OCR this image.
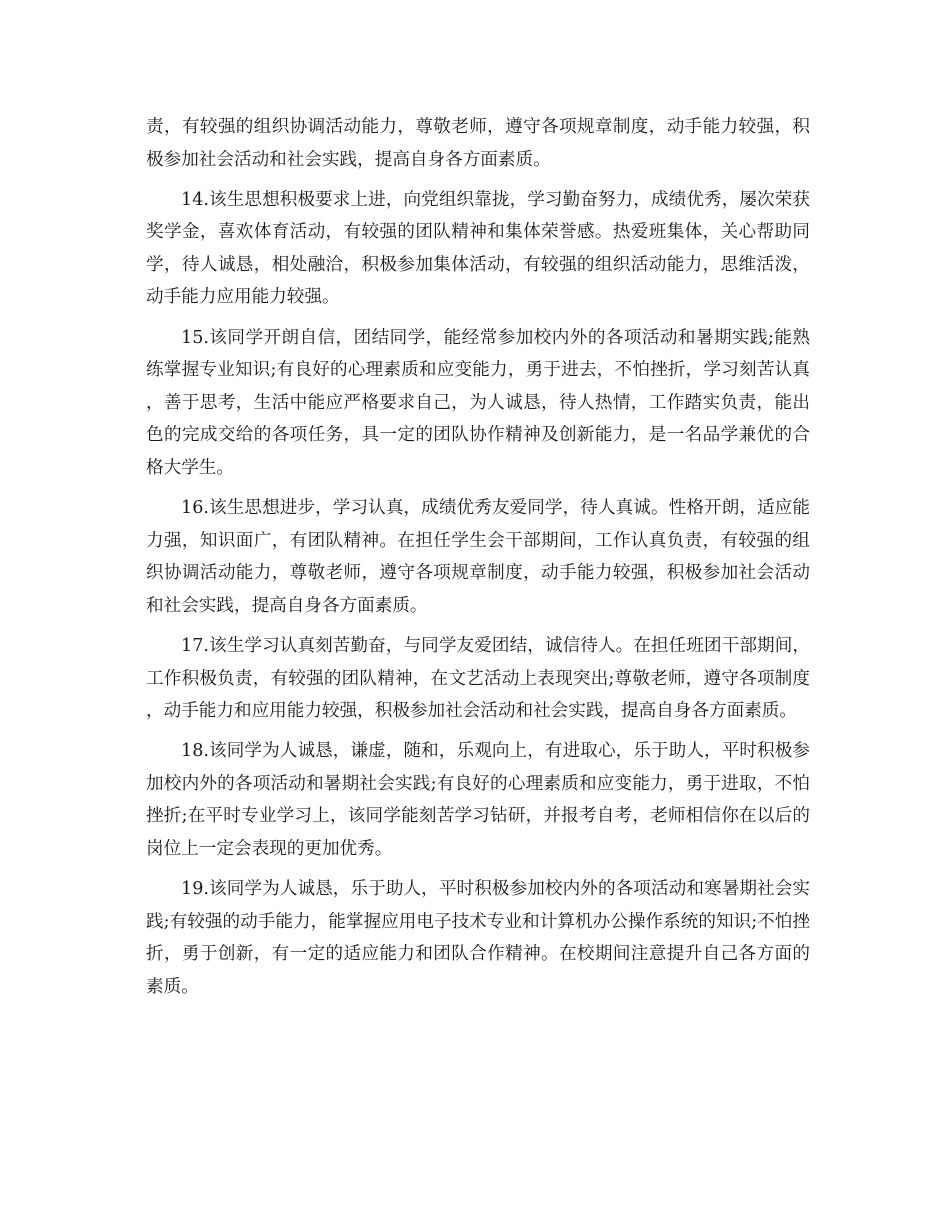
责，有较强的组织协调活动能力，尊敬老师，遵守各项规章制度，动手能力较强，积极参加社会活动和社会实践，提高自身各方面素质。

14.该生思想积极要求上进，向党组织靠拢，学习勤奋努力，成绩优秀，屡次荣获奖学金，喜欢体育活动，有较强的团队精神和集体荣誉感。热爱班集体，关心帮助同学，待人诚恳，相处融洽，积极参加集体活动，有较强的组织活动能力，思维活泼，动手能力应用能力较强。

15.该同学开朗自信，团结同学，能经常参加校内外的各项活动和暑期实践;能熟练掌握专业知识;有良好的心理素质和应变能力，勇于进去，不怕挫折，学习刻苦认真，善于思考，生活中能应严格要求自己，为人诚恳，待人热情，工作踏实负责，能出色的完成交给的各项任务，具一定的团队协作精神及创新能力，是一名品学兼优的合格大学生。

16.该生思想进步，学习认真，成绩优秀友爱同学，待人真诚。性格开朗，适应能力强，知识面广，有团队精神。在担任学生会干部期间，工作认真负责，有较强的组织协调活动能力，尊敬老师，遵守各项规章制度，动手能力较强，积极参加社会活动和社会实践，提高自身各方面素质。

17.该生学习认真刻苦勤奋，与同学友爱团结，诚信待人。在担任班团干部期间，工作积极负责，有较强的团队精神，在文艺活动上表现突出;尊敬老师，遵守各项制度，动手能力和应用能力较强，积极参加社会活动和社会实践，提高自身各方面素质。

18.该同学为人诚恳，谦虚，随和，乐观向上，有进取心，乐于助人，平时积极参加校内外的各项活动和暑期社会实践;有良好的心理素质和应变能力，勇于进取，不怕挫折;在平时专业学习上，该同学能刻苦学习钻研，并报考自考，老师相信你在以后的岗位上一定会表现的更加优秀。

19.该同学为人诚恳，乐于助人，平时积极参加校内外的各项活动和寒暑期社会实践;有较强的动手能力，能掌握应用电子技术专业和计算机办公操作系统的知识;不怕挫折，勇于创新，有一定的适应能力和团队合作精神。在校期间注意提升自己各方面的素质。
